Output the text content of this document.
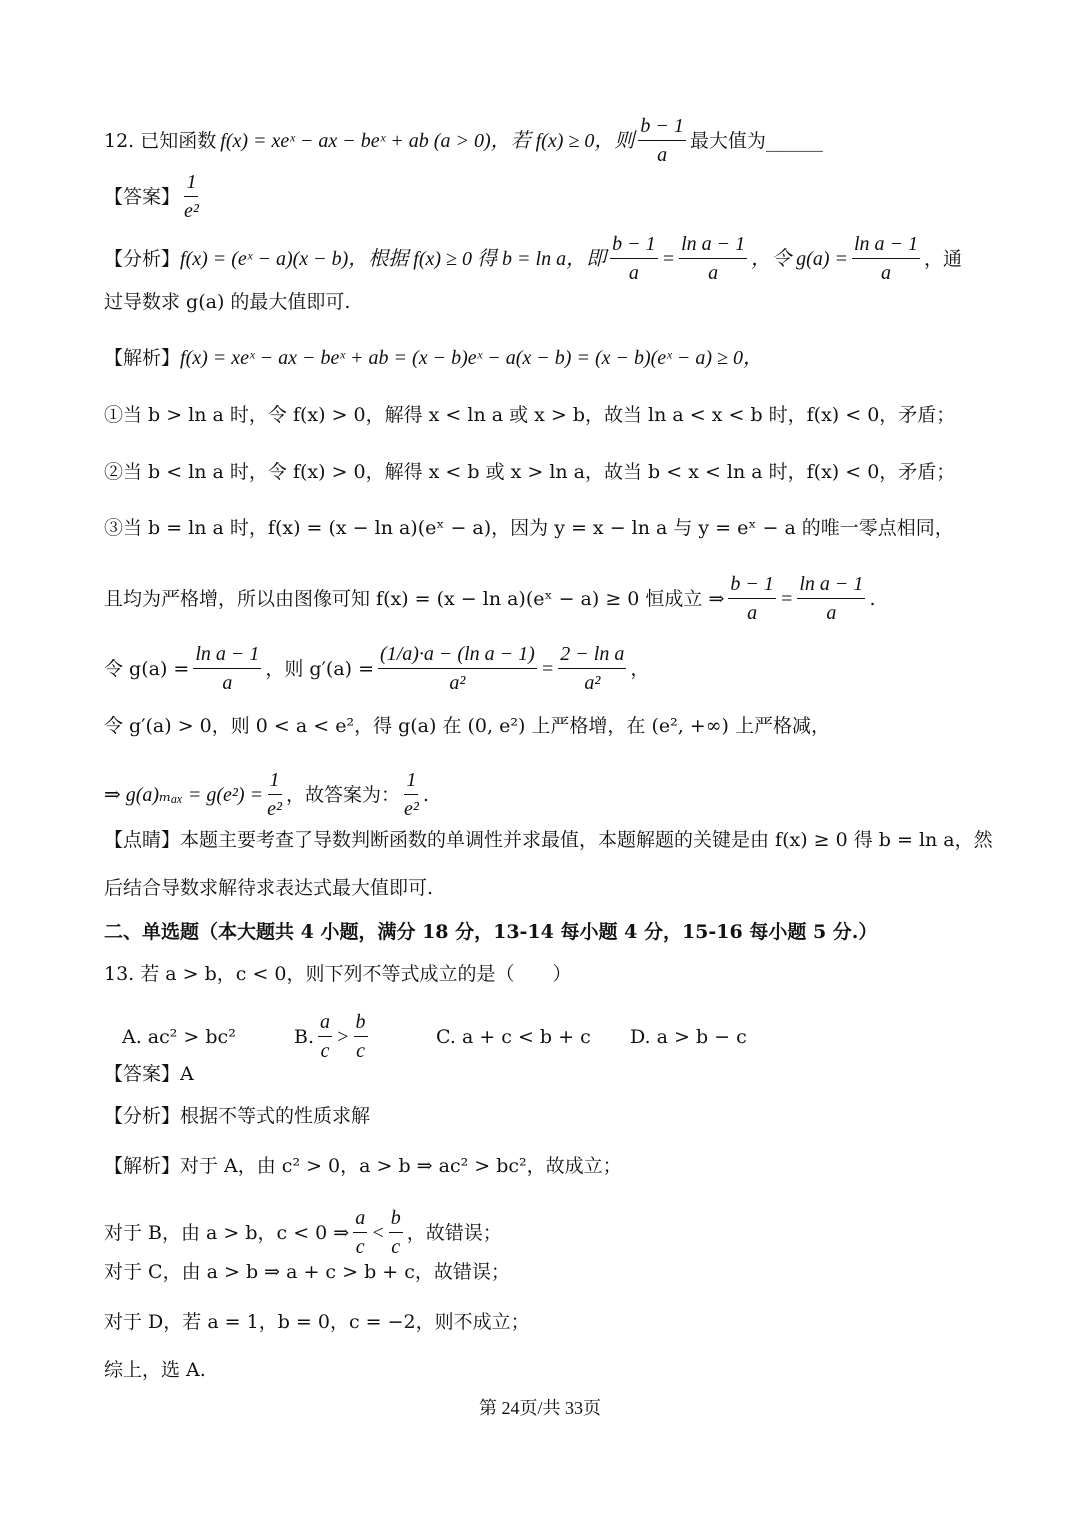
12. 已知函数 f(x) = xeˣ − ax − beˣ + ab (a > 0)，若 f(x) ≥ 0，则 $\frac{b - 1}{a}$ 最大值为______
【答案】 $\frac{1}{\text{e²}}$
【分析】 f(x) = (eˣ − a)(x − b)，根据 f(x) ≥ 0 得 b = ln a，即 $\frac{b - 1}{a} = \frac{\text{ln a − 1}}{a}$ ，令 $g(a) = \frac{\text{ln a − 1}}{a}$ ，通
过导数求 g(a) 的最大值即可.
【解析】 f(x) = xeˣ − ax − beˣ + ab = (x − b)eˣ − a(x − b) = (x − b)(eˣ − a) ≥ 0，
①当 b > ln a 时，令 f(x) > 0，解得 x < ln a 或 x > b，故当 ln a < x < b 时，f(x) < 0，矛盾；
②当 b < ln a 时，令 f(x) > 0，解得 x < b 或 x > ln a，故当 b < x < ln a 时，f(x) < 0，矛盾；
③当 b = ln a 时，f(x) = (x − ln a)(eˣ − a)，因为 y = x − ln a 与 y = eˣ − a 的唯一零点相同，
且均为严格增，所以由图像可知 f(x) = (x − ln a)(eˣ − a) ≥ 0 恒成立 ⇒ $\frac{b - 1}{a} = \frac{\text{ln a − 1}}{a}$ .
令 $g(a) = \frac{\text{ln a − 1}}{a}$ ，则 $g'(a) = \frac{\text{(1/a)·a − (ln a − 1)}}{\text{a²}} = \frac{\text{2 − ln a}}{\text{a²}}$ ，
令 g′(a) > 0，则 0 < a < e²，得 g(a) 在 (0, e²) 上严格增，在 (e², +∞) 上严格减，
⇒ $g(a)_{max} = g(e^2) = \frac{1}{\text{e²}}$ ，故答案为： $\frac{1}{\text{e²}}$ .
【点睛】 本题主要考查了导数判断函数的单调性并求最值，本题解题的关键是由 f(x) ≥ 0 得 b = ln a，然
后结合导数求解待求表达式最大值即可.
二、单选题（本大题共 4 小题，满分 18 分，13-14 每小题 4 分，15-16 每小题 5 分.）
13. 若 a > b，c < 0，则下列不等式成立的是（　　）
A. ac² > bc²	B. $\frac{a}{c} > \frac{b}{c}$	C. a + c < b + c	D. a > b − c
【答案】A
【分析】根据不等式的性质求解
【解析】对于 A，由 c² > 0，a > b ⇒ ac² > bc²，故成立；
对于 B，由 a > b，c < 0 ⇒ $\frac{a}{c} < \frac{b}{c}$ ，故错误；
对于 C，由 a > b ⇒ a + c > b + c，故错误；
对于 D，若 a = 1，b = 0，c = −2，则不成立；
综上，选 A.
第 24页/共 33页
